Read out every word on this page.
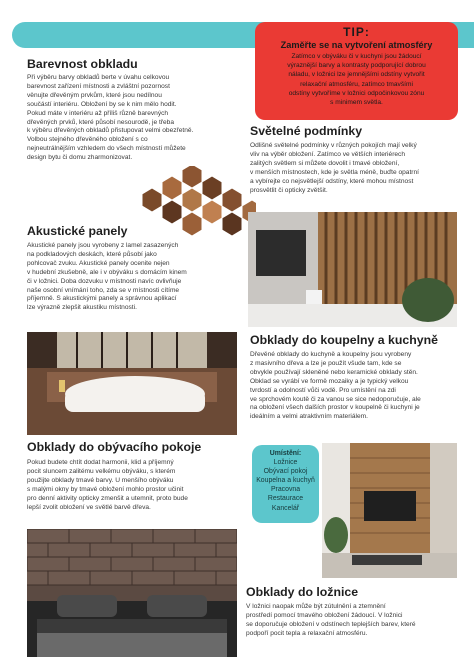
TIP:
Zaměřte se na vytvoření atmosféry
Zatímco v obýváku či v kuchyni jsou žádoucí
výraznější barvy a kontrasty podporující dobrou
náladu, v ložnici lze jemnějšími odstíny vytvořit
relaxační atmosféru, zatímco tmavšími
odstíny vytvoříme v ložnici odpočinkovou zónu
s minimem světla.
Barevnost obkladu
Při výběru barvy obkladů berte v úvahu celkovou
barevnost zařízení místnosti a zvláštní pozornost
věnujte dřevěným prvkům, které jsou nedílnou
součástí interiéru. Obložení by se k nim mělo hodit.
Pokud máte v interiéru až příliš různě barevných
dřevěných prvků, které působí nesourodě, je třeba
k výběru dřevěných obkladů přistupovat velmi obezřetně.
Volbou stejného dřevěného obložení s co
nejneutrálnějším vzhledem do všech místností můžete
design bytu či domu zharmonizovat.
Světelné podmínky
Odlišné světelné podmínky v různých pokojích mají velký
vliv na výběr obložení. Zatímco ve větších interiérech
zalitých světlem si můžete dovolit i tmavé obložení,
v menších místnostech, kde je světla méně, buďte opatrní
a vybírejte co nejsvětlejší odstíny, které mohou místnost
prosvětlit či opticky zvětšit.
Akustické panely
Akustické panely jsou vyrobeny z lamel zasazených
na podkladových deskách, které působí jako
pohlcovač zvuku. Akustické panely ocenite nejen
v hudební zkušebně, ale i v obýváku s domácím kinem
či v ložnici. Doba dozvuku v místnosti navíc ovlivňuje
naše osobní vnímání toho, zda se v místnosti cítíme
příjemně. S akustickými panely a správnou aplikací
lze výrazně zlepšit akustiku místnosti.
Obklady do koupelny a kuchyně
Dřevěné obklady do kuchyně a koupelny jsou vyrobeny
z masivního dřeva a lze je použít všude tam, kde se
obvykle používají skleněné nebo keramické obklady stěn.
Obklad se vyrábí ve formě mozaiky a je typický velkou
tvrdostí a odolností vůči vodě. Pro umístění na zdi
ve sprchovém koutě či za vanou se sice nedoporučuje, ale
na obložení všech dalších prostor v koupelně či kuchyni je
ideálním a velmi atraktivním materiálem.
Obklady do obývacího pokoje
Pokud budete chtít dodat harmonii, klid a příjemný
pocit sluncem zalitému velkému obýváku, s kterém
použijte obklady tmavé barvy. U menšího obýváku
s malými okny by tmavé obložení mohlo prostor učinit
pro denní aktivity opticky zmenšit a utemnit, proto bude
lepší zvolit obložení ve světlé barvě dřeva.
Umístění:
Ložnice
Obývací pokoj
Koupelna a kuchyň
Pracovna
Restaurace
Kancelář
Obklady do ložnice
V ložnici naopak může být zútulnění a ztemnění
prostředí pomocí tmavého obložení žádoucí. V ložnici
se doporučuje obložení v odstínech teplejších barev, které
podpoří pocit tepla a relaxační atmosféru.
